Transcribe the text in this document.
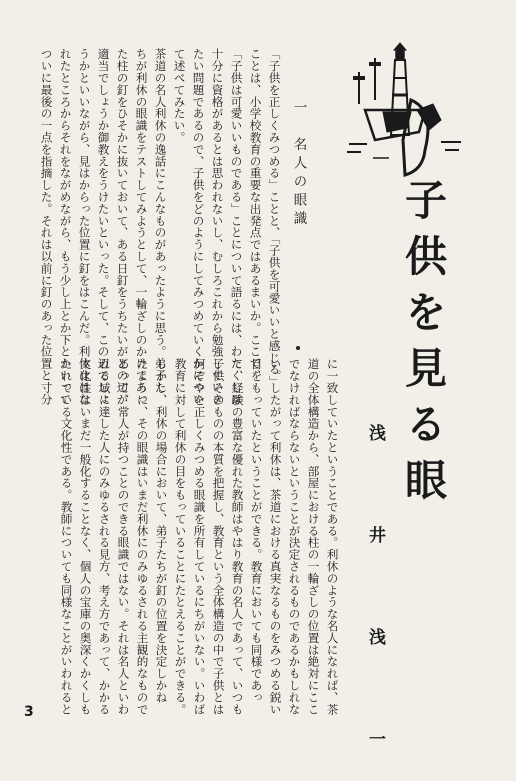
子供を見る眼
浅　井　浅　一
一　名人の眼識
「子供を正しくみつめる」ことと、「子供を可愛いいと感じる」
ことは、小学校教育の重要な出発点ではあるまいか。ここで、
「子供は可愛いいものである」ことについて語るには、わたくしは
十分に資格があるとは思われないし、むしろこれから勉強していき
たい問題であるので、子供をどのようにしてみつめていくかについ
て述べてみたい。
茶道の名人利休の逸話にこんなものがあったように思う。弟子た
ちが利休の眼識をテストしてみようとして、一輪ざしのかけてあっ
た柱の釘をひそかに抜いておいて、ある日釘をうちたいがどの辺が
適当でしょうか御教えをうけたいといった。そして、この辺でしょ
うかといいながら、見はからった位置に釘をはこんだ。利休ははな
れたところからそれをながめながら、もう少し上とか下とかいって
ついに最後の一点を指摘した。それは以前に釘のあった位置と寸分
に一致していたということである。利休のような名人になれば、茶
道の全体構造から、部屋における柱の一輪ざしの位置は絶対にここ
でなければならないということが決定されるものであるかもしれな
い。したがって利休は、茶道における真実なるものをみつめる鋭い
目をもっていたということができる。教育においても同様であっ
て、経験の豊富な優れた教師はやはり教育の名人であって、いつも
子供そのものの本質を把握し、教育という全体構造の中で子供とは
何ぞやを正しくみつめる眼識を所有しているにちがいない。いわば
教育に対して利休の目をもっていることにたとえることができる。
しかし、利休の場合において、弟子たちが釘の位置を決定しかね
たように、その眼識はいまだ利休にのみゆるされる主観的なもので
あって、常人が持つことのできる眼識ではない。それは名人といわ
れる域に達した人にのみゆるされる見方、考え方であって、かかる
文化性はいまだ一般化することなく、個人の宝庫の奥深くかくしも
たれている文化性である。教師についても同様なことがいわれると
3
